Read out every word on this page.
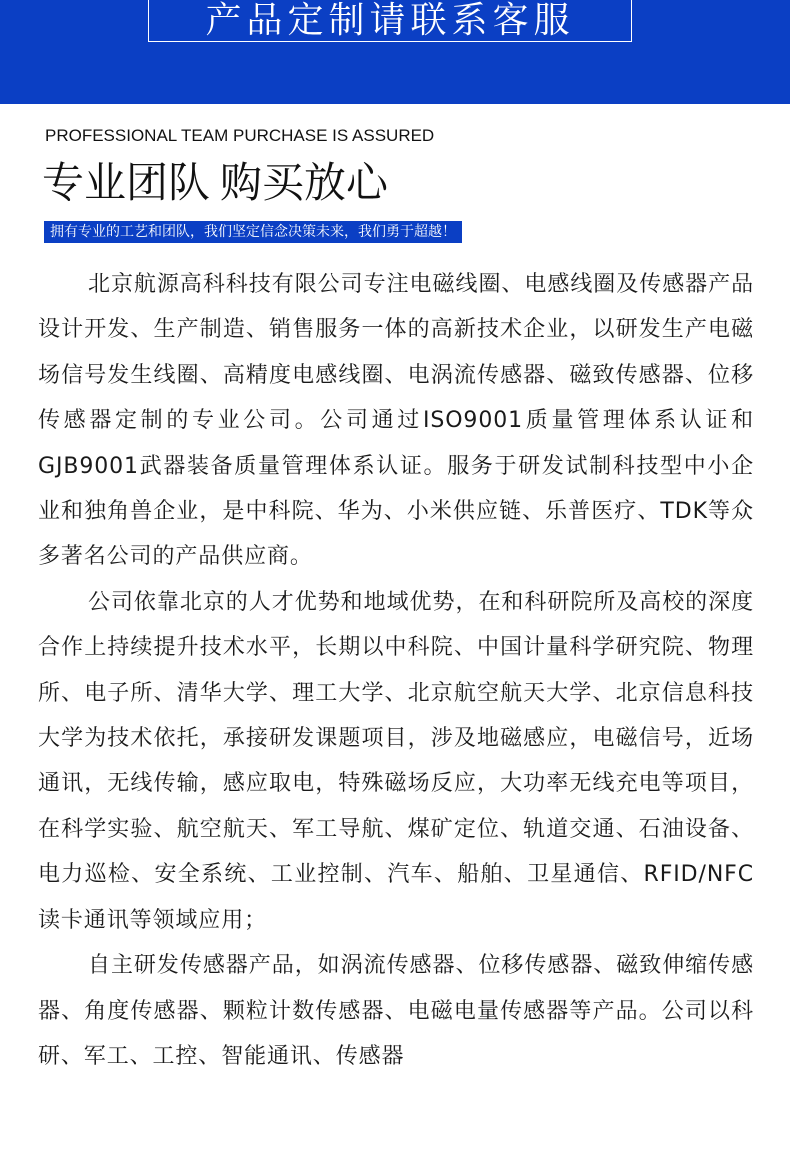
产品定制请联系客服
PROFESSIONAL TEAM PURCHASE IS ASSURED
专业团队 购买放心
拥有专业的工艺和团队，我们坚定信念决策未来，我们勇于超越！

北京航源高科科技有限公司专注电磁线圈、电感线圈及传感器产品设计开发、生产制造、销售服务一体的高新技术企业，以研发生产电磁场信号发生线圈、高精度电感线圈、电涡流传感器、磁致传感器、位移传感器定制的专业公司。公司通过ISO9001质量管理体系认证和GJB9001武器装备质量管理体系认证。服务于研发试制科技型中小企业和独角兽企业，是中科院、华为、小米供应链、乐普医疗、TDK等众多著名公司的产品供应商。

公司依靠北京的人才优势和地域优势，在和科研院所及高校的深度合作上持续提升技术水平，长期以中科院、中国计量科学研究院、物理所、电子所、清华大学、理工大学、北京航空航天大学、北京信息科技大学为技术依托，承接研发课题项目，涉及地磁感应，电磁信号，近场通讯，无线传输，感应取电，特殊磁场反应，大功率无线充电等项目，在科学实验、航空航天、军工导航、煤矿定位、轨道交通、石油设备、电力巡检、安全系统、工业控制、汽车、船舶、卫星通信、RFID/NFC读卡通讯等领域应用；

自主研发传感器产品，如涡流传感器、位移传感器、磁致伸缩传感器、角度传感器、颗粒计数传感器、电磁电量传感器等产品。公司以科研、军工、工控、智能通讯、传感器
